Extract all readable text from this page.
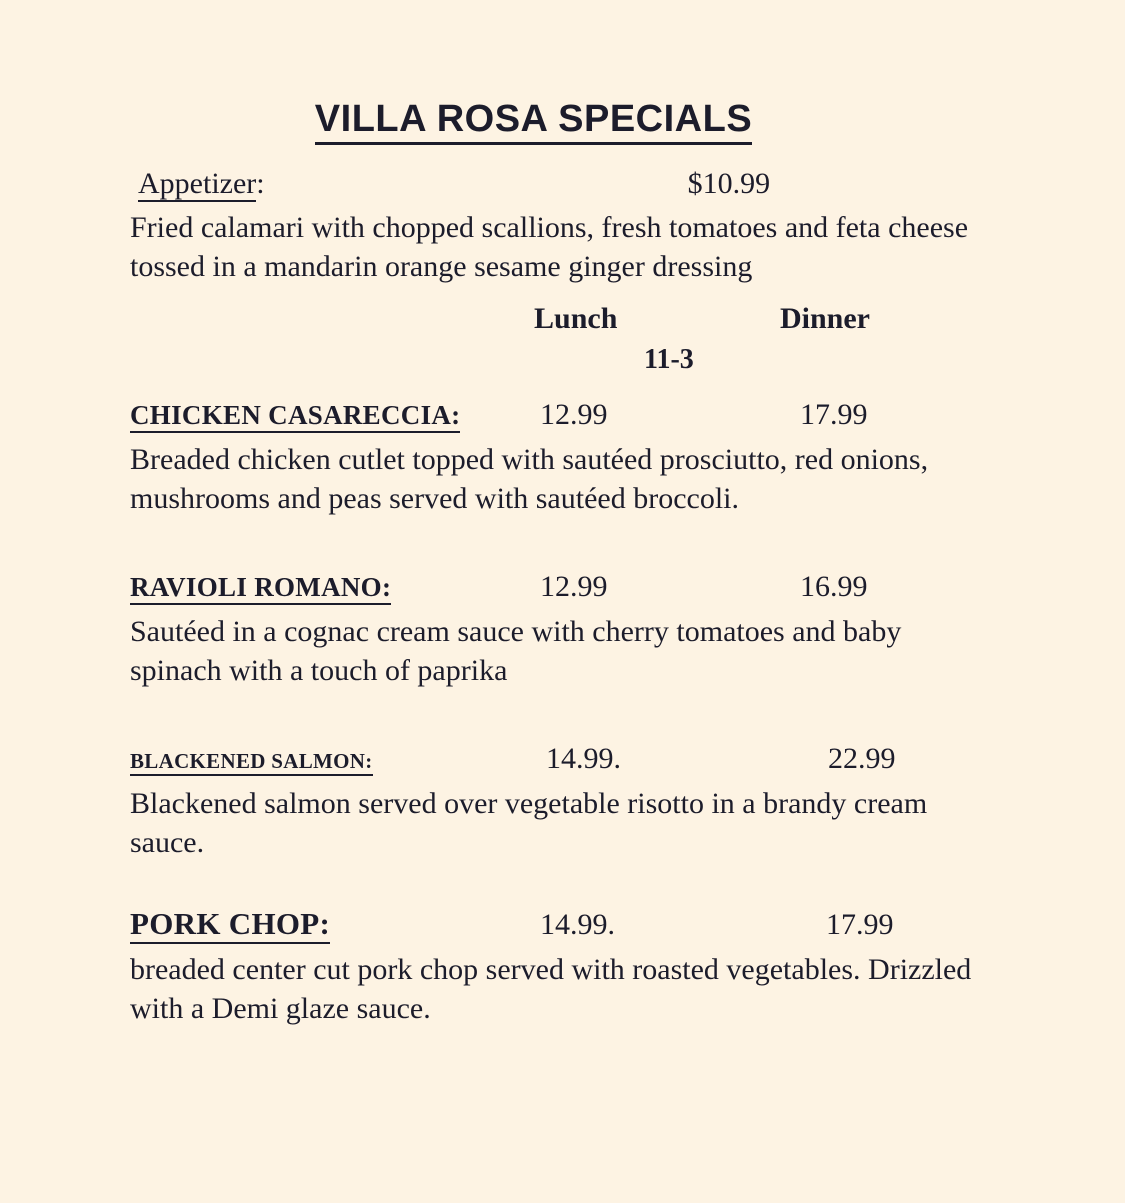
VILLA ROSA SPECIALS
Appetizer:	$10.99
Fried calamari with chopped scallions, fresh tomatoes and feta cheese tossed in a mandarin orange sesame ginger dressing
Lunch	Dinner
11-3
CHICKEN CASARECCIA:	12.99	17.99
Breaded chicken cutlet topped with sautéed prosciutto, red onions, mushrooms and peas served with sautéed broccoli.
RAVIOLI ROMANO:	12.99	16.99
Sautéed in a cognac cream sauce with cherry tomatoes and baby spinach with a touch of paprika
BLACKENED SALMON:	14.99.	22.99
Blackened salmon served over vegetable risotto in a brandy cream sauce.
PORK CHOP:	14.99.	17.99
breaded center cut pork chop served with roasted vegetables. Drizzled with a Demi glaze sauce.
